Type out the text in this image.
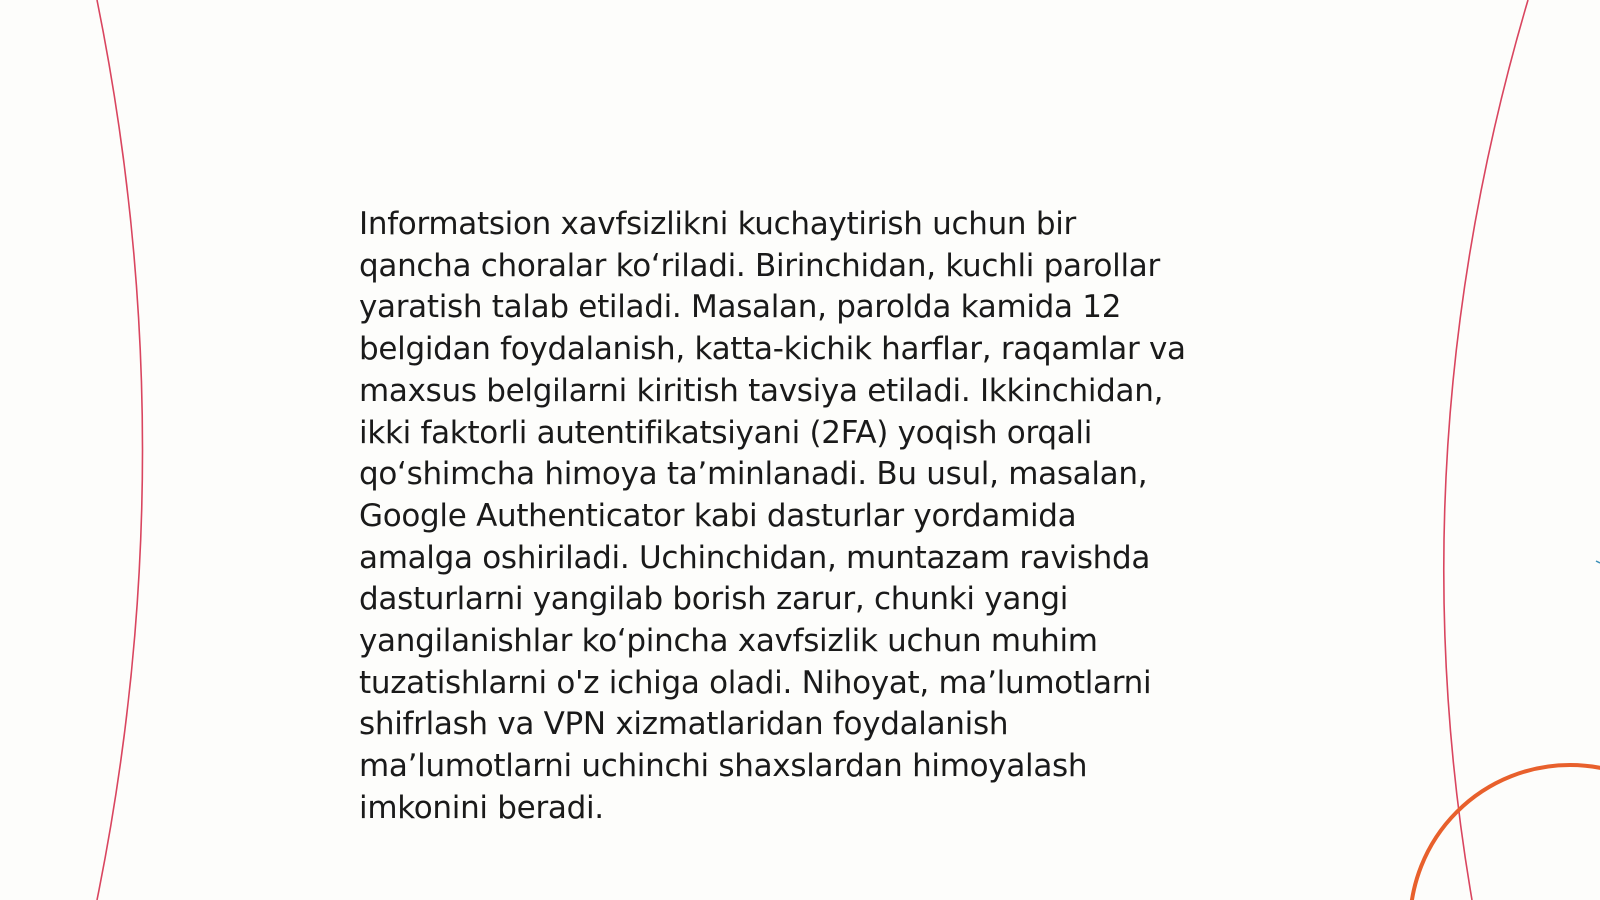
Informatsion xavfsizlikni kuchaytirish uchun bir
qancha choralar ko‘riladi. Birinchidan, kuchli parollar
yaratish talab etiladi. Masalan, parolda kamida 12
belgidan foydalanish, katta-kichik harflar, raqamlar va
maxsus belgilarni kiritish tavsiya etiladi. Ikkinchidan,
ikki faktorli autentifikatsiyani (2FA) yoqish orqali
qo‘shimcha himoya ta’minlanadi. Bu usul, masalan,
Google Authenticator kabi dasturlar yordamida
amalga oshiriladi. Uchinchidan, muntazam ravishda
dasturlarni yangilab borish zarur, chunki yangi
yangilanishlar ko‘pincha xavfsizlik uchun muhim
tuzatishlarni o'z ichiga oladi. Nihoyat, ma’lumotlarni
shifrlash va VPN xizmatlaridan foydalanish
ma’lumotlarni uchinchi shaxslardan himoyalash
imkonini beradi.
